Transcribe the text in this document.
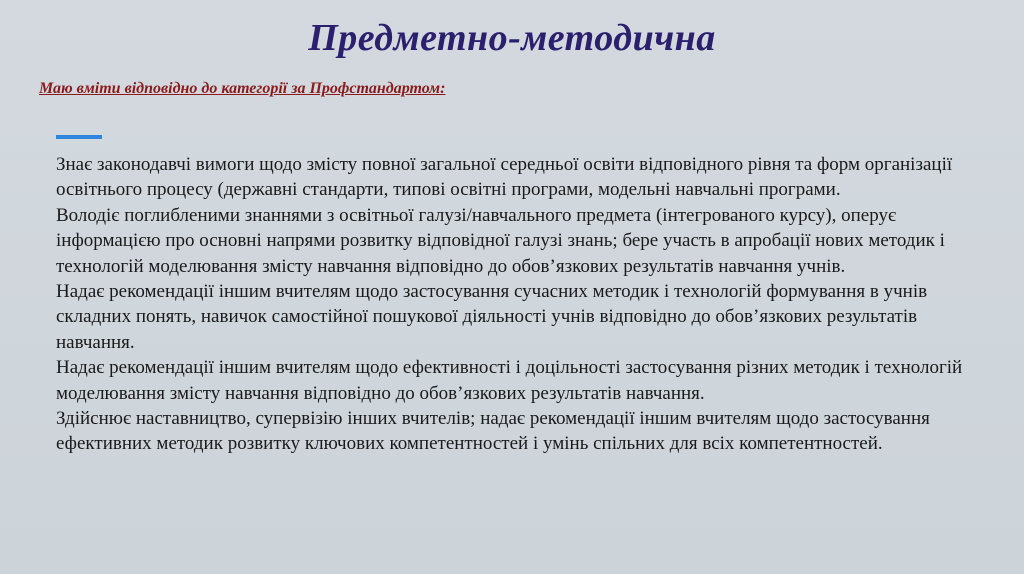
Предметно-методична

Маю вміти відповідно до категорії за Профстандартом:

Знає законодавчі вимоги щодо змісту повної загальної середньої освіти відповідного рівня та форм організації освітнього процесу (державні стандарти, типові освітні програми, модельні навчальні програми.

Володіє поглибленими знаннями з освітньої галузі/навчального предмета (інтегрованого курсу), оперує інформацією про основні напрями розвитку відповідної галузі знань; бере участь в апробації нових методик і технологій моделювання змісту навчання відповідно до обов’язкових результатів навчання учнів.

Надає рекомендації іншим вчителям щодо застосування сучасних методик і технологій формування в учнів складних понять, навичок самостійної пошукової діяльності учнів відповідно до обов’язкових результатів навчання.

Надає рекомендації іншим вчителям щодо ефективності і доцільності застосування різних методик і технологій моделювання змісту навчання відповідно до обов’язкових результатів навчання.

Здійснює наставництво, супервізію інших вчителів; надає рекомендації іншим вчителям щодо застосування ефективних методик розвитку ключових компетентностей і умінь спільних для всіх компетентностей.
